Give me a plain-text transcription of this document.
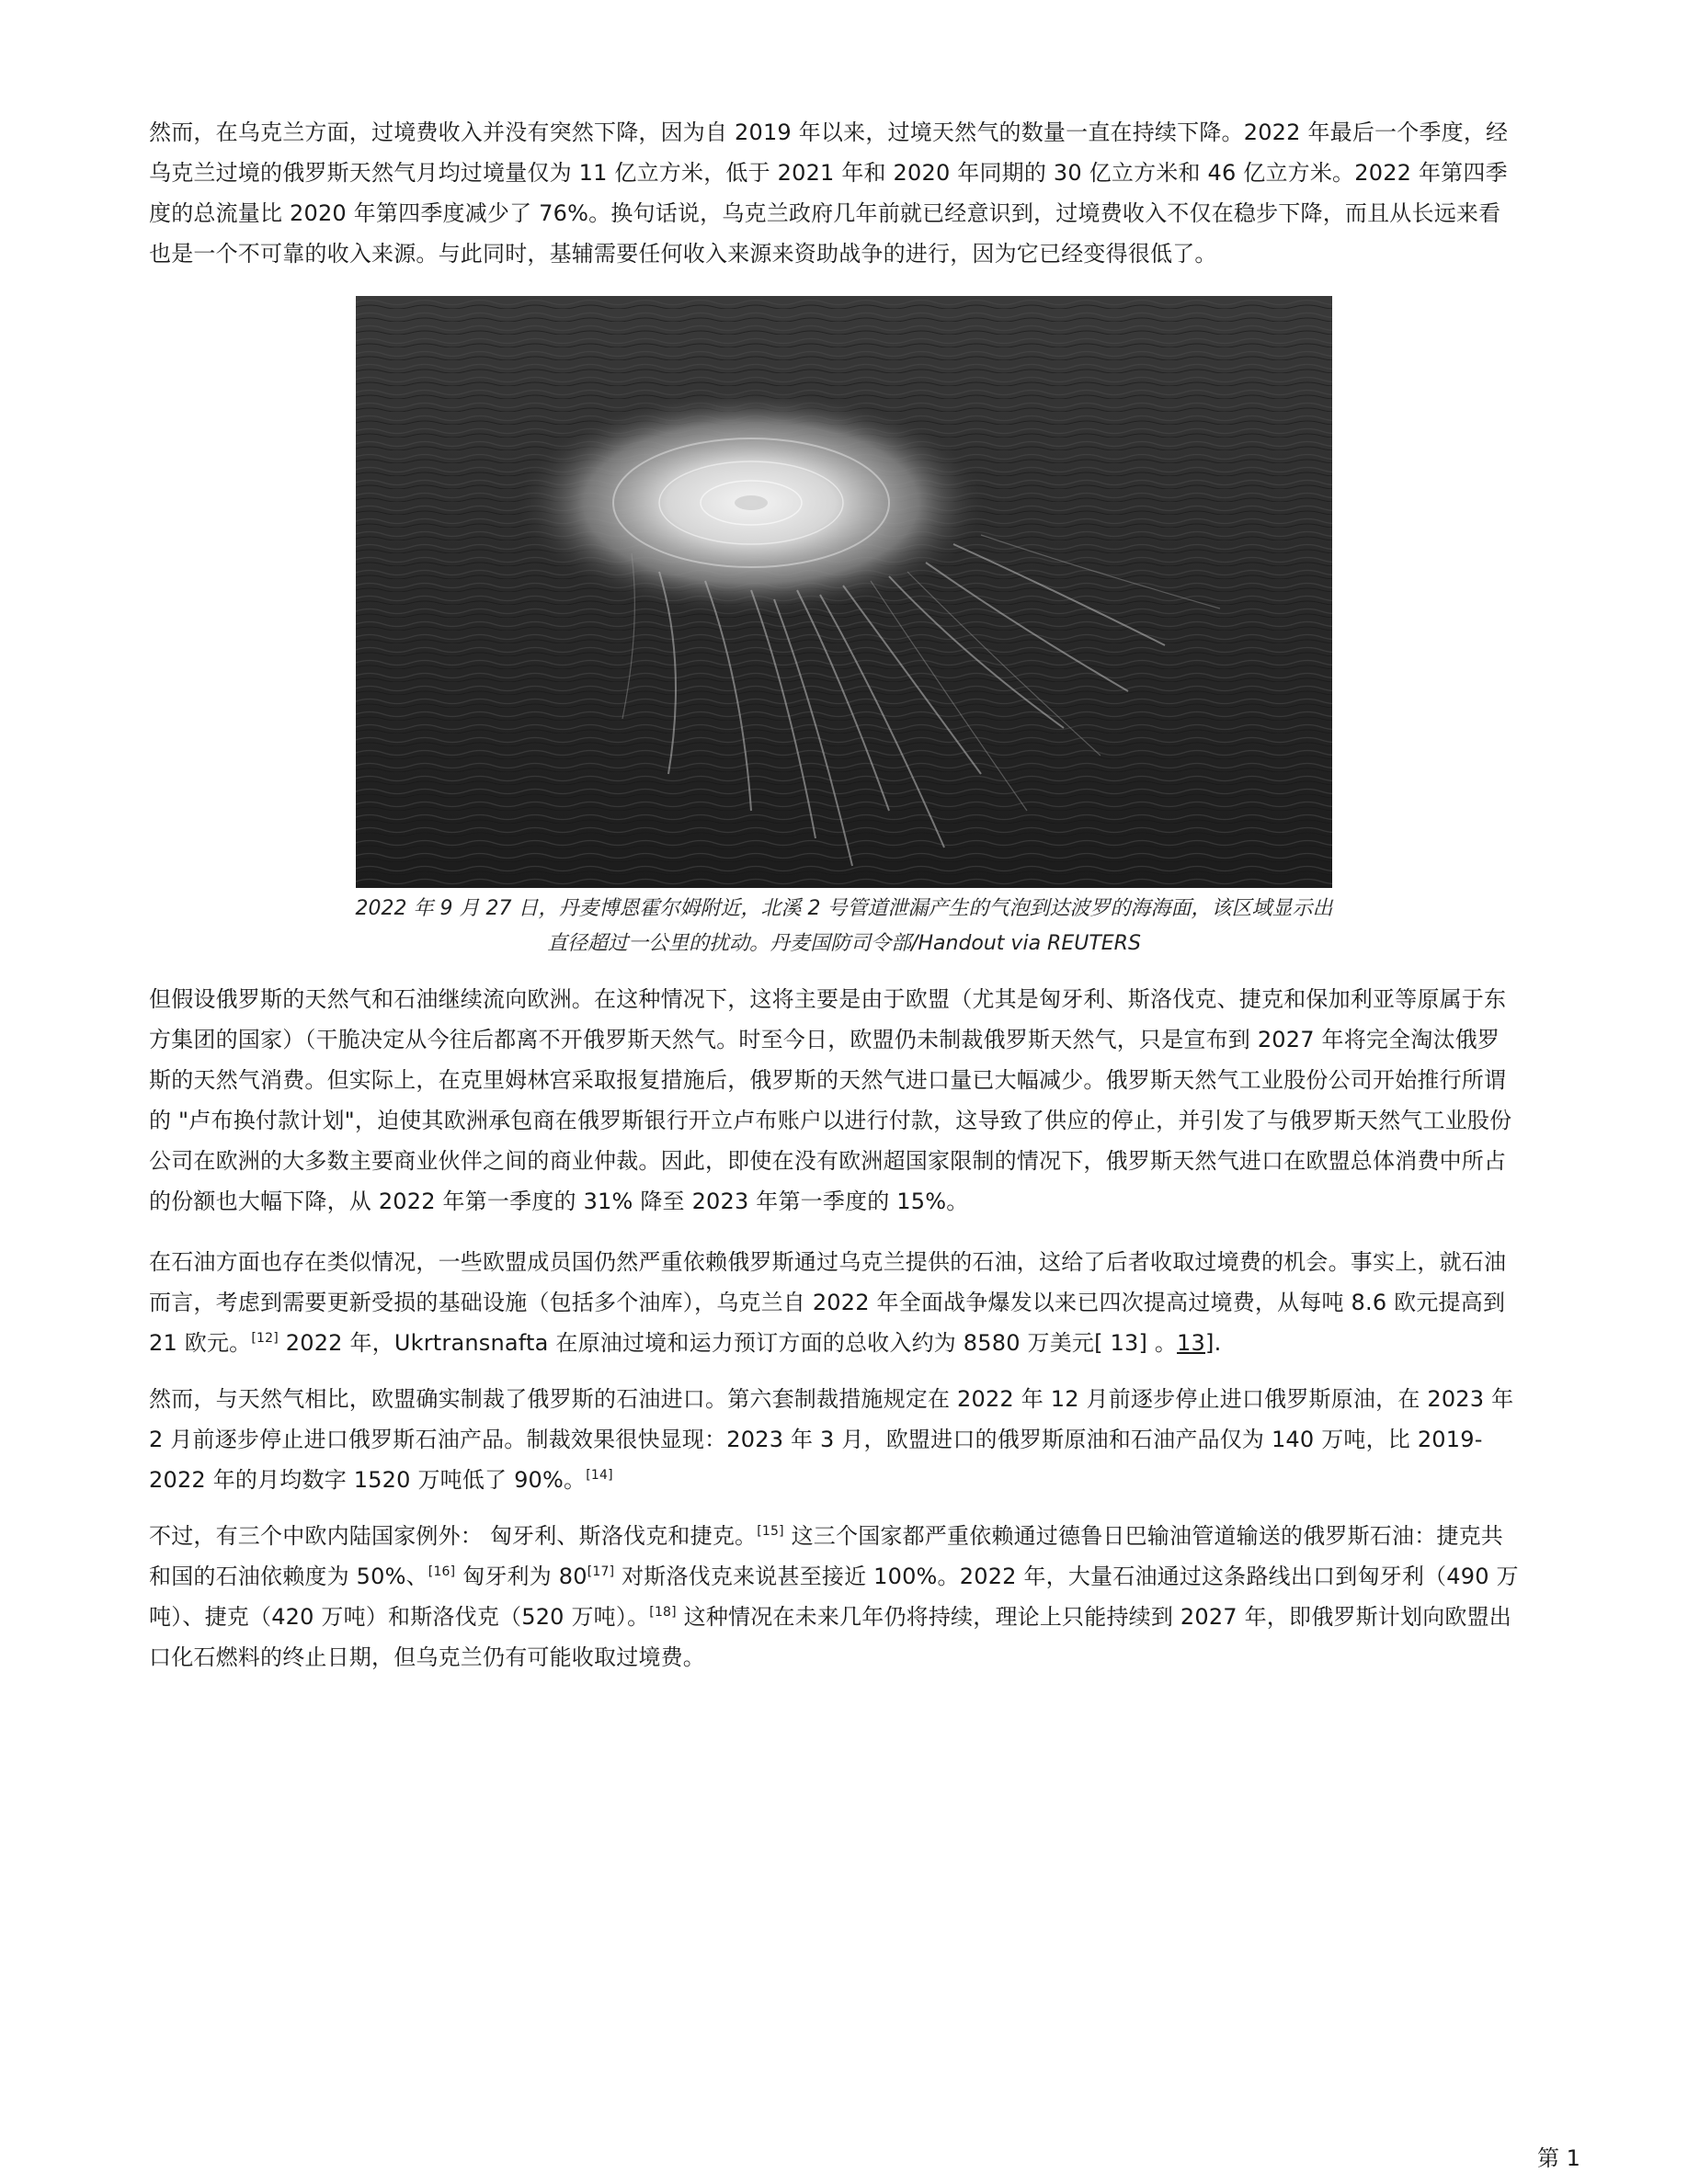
然而，在乌克兰方面，过境费收入并没有突然下降，因为自 2019 年以来，过境天然气的数量一直在持续下降。2022 年最后一个季度，经乌克兰过境的俄罗斯天然气月均过境量仅为 11 亿立方米，低于 2021 年和 2020 年同期的 30 亿立方米和 46 亿立方米。2022 年第四季度的总流量比 2020 年第四季度减少了 76%。换句话说，乌克兰政府几年前就已经意识到，过境费收入不仅在稳步下降，而且从长远来看也是一个不可靠的收入来源。与此同时，基辅需要任何收入来源来资助战争的进行，因为它已经变得很低了。

2022 年 9 月 27 日，丹麦博恩霍尔姆附近，北溪 2 号管道泄漏产生的气泡到达波罗的海海面，该区域显示出直径超过一公里的扰动。丹麦国防司令部/Handout via REUTERS

但假设俄罗斯的天然气和石油继续流向欧洲。在这种情况下，这将主要是由于欧盟（尤其是匈牙利、斯洛伐克、捷克和保加利亚等原属于东方集团的国家）（干脆决定从今往后都离不开俄罗斯天然气。时至今日，欧盟仍未制裁俄罗斯天然气，只是宣布到 2027 年将完全淘汰俄罗斯的天然气消费。但实际上，在克里姆林宫采取报复措施后，俄罗斯的天然气进口量已大幅减少。俄罗斯天然气工业股份公司开始推行所谓的 "卢布换付款计划"，迫使其欧洲承包商在俄罗斯银行开立卢布账户以进行付款，这导致了供应的停止，并引发了与俄罗斯天然气工业股份公司在欧洲的大多数主要商业伙伴之间的商业仲裁。因此，即使在没有欧洲超国家限制的情况下，俄罗斯天然气进口在欧盟总体消费中所占的份额也大幅下降，从 2022 年第一季度的 31% 降至 2023 年第一季度的 15%。

在石油方面也存在类似情况，一些欧盟成员国仍然严重依赖俄罗斯通过乌克兰提供的石油，这给了后者收取过境费的机会。事实上，就石油而言，考虑到需要更新受损的基础设施（包括多个油库），乌克兰自 2022 年全面战争爆发以来已四次提高过境费，从每吨 8.6 欧元提高到 21 欧元。[12] 2022 年，Ukrtransnafta 在原油过境和运力预订方面的总收入约为 8580 万美元[ 13] 。13].

然而，与天然气相比，欧盟确实制裁了俄罗斯的石油进口。第六套制裁措施规定在 2022 年 12 月前逐步停止进口俄罗斯原油，在 2023 年 2 月前逐步停止进口俄罗斯石油产品。制裁效果很快显现：2023 年 3 月，欧盟进口的俄罗斯原油和石油产品仅为 140 万吨，比 2019-2022 年的月均数字 1520 万吨低了 90%。[14]

不过，有三个中欧内陆国家例外： 匈牙利、斯洛伐克和捷克。[15] 这三个国家都严重依赖通过德鲁日巴输油管道输送的俄罗斯石油：捷克共和国的石油依赖度为 50%、[16] 匈牙利为 80[17] 对斯洛伐克来说甚至接近 100%。2022 年，大量石油通过这条路线出口到匈牙利（490 万吨）、捷克（420 万吨）和斯洛伐克（520 万吨）。[18] 这种情况在未来几年仍将持续，理论上只能持续到 2027 年，即俄罗斯计划向欧盟出口化石燃料的终止日期，但乌克兰仍有可能收取过境费。

第 1
